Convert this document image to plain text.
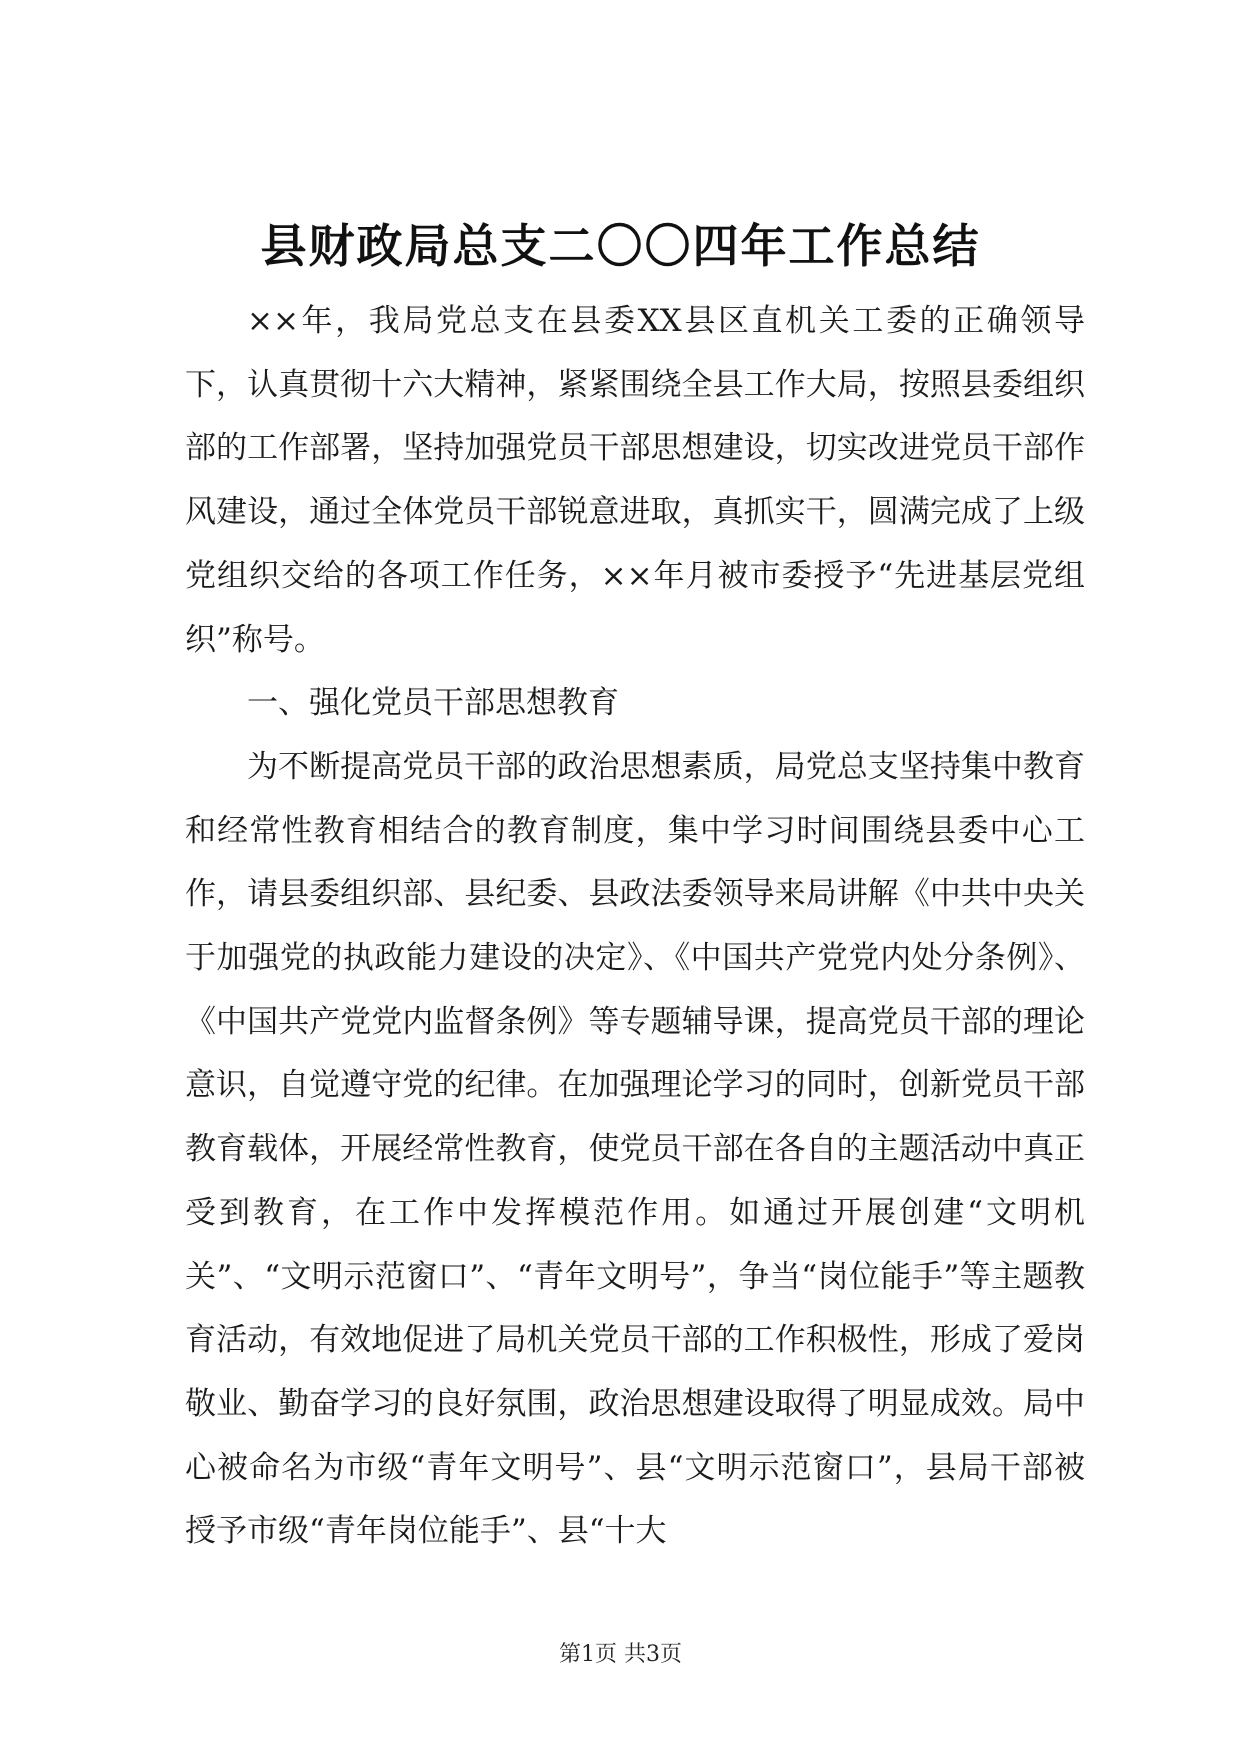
县财政局总支二〇〇四年工作总结

××年，我局党总支在县委XX县区直机关工委的正确领导下，认真贯彻十六大精神，紧紧围绕全县工作大局，按照县委组织部的工作部署，坚持加强党员干部思想建设，切实改进党员干部作风建设，通过全体党员干部锐意进取，真抓实干，圆满完成了上级党组织交给的各项工作任务，××年月被市委授予“先进基层党组织”称号。

一、强化党员干部思想教育

为不断提高党员干部的政治思想素质，局党总支坚持集中教育和经常性教育相结合的教育制度，集中学习时间围绕县委中心工作，请县委组织部、县纪委、县政法委领导来局讲解《中共中央关于加强党的执政能力建设的决定》、《中国共产党党内处分条例》、《中国共产党党内监督条例》等专题辅导课，提高党员干部的理论意识，自觉遵守党的纪律。在加强理论学习的同时，创新党员干部教育载体，开展经常性教育，使党员干部在各自的主题活动中真正受到教育，在工作中发挥模范作用。如通过开展创建“文明机关”、“文明示范窗口”、“青年文明号”，争当“岗位能手”等主题教育活动，有效地促进了局机关党员干部的工作积极性，形成了爱岗敬业、勤奋学习的良好氛围，政治思想建设取得了明显成效。局中心被命名为市级“青年文明号”、县“文明示范窗口”，县局干部被授予市级“青年岗位能手”、县“十大

第1页 共3页
